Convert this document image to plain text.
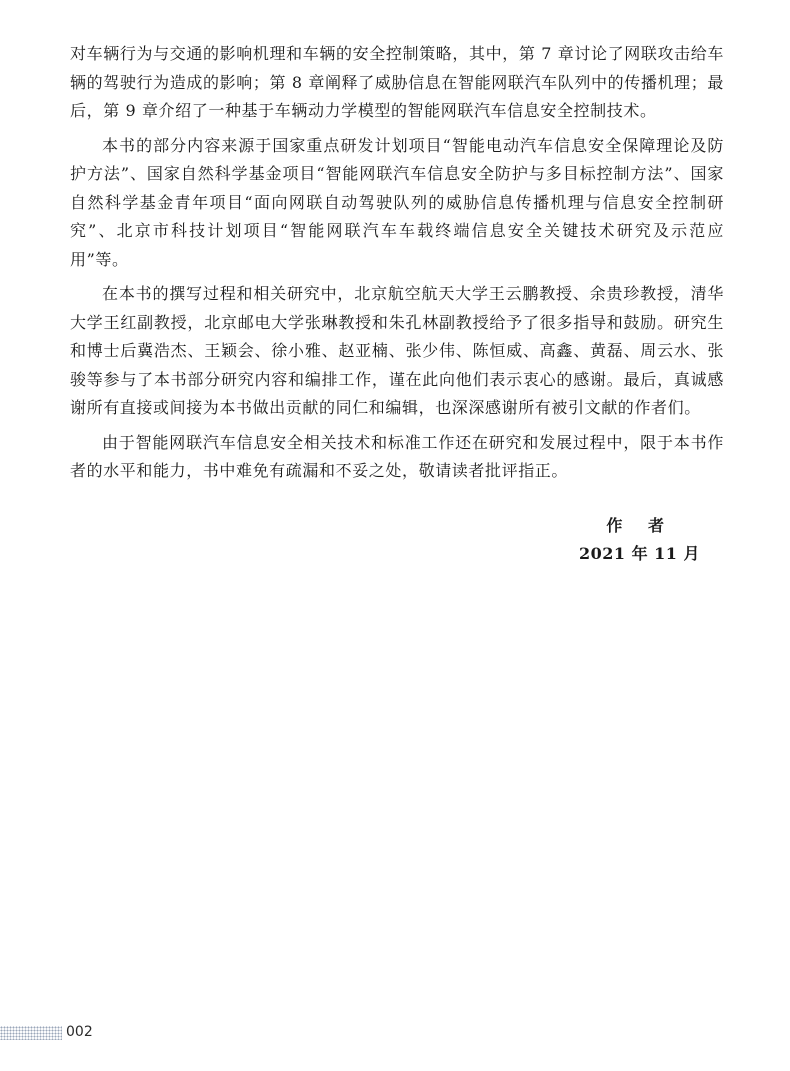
对车辆行为与交通的影响机理和车辆的安全控制策略，其中，第 7 章讨论了网联攻击给车辆的驾驶行为造成的影响；第 8 章阐释了威胁信息在智能网联汽车队列中的传播机理；最后，第 9 章介绍了一种基于车辆动力学模型的智能网联汽车信息安全控制技术。

本书的部分内容来源于国家重点研发计划项目“智能电动汽车信息安全保障理论及防护方法”、国家自然科学基金项目“智能网联汽车信息安全防护与多目标控制方法”、国家自然科学基金青年项目“面向网联自动驾驶队列的威胁信息传播机理与信息安全控制研究”、北京市科技计划项目“智能网联汽车车载终端信息安全关键技术研究及示范应用”等。

在本书的撰写过程和相关研究中，北京航空航天大学王云鹏教授、余贵珍教授，清华大学王红副教授，北京邮电大学张琳教授和朱孔林副教授给予了很多指导和鼓励。研究生和博士后冀浩杰、王颖会、徐小雅、赵亚楠、张少伟、陈恒威、高鑫、黄磊、周云水、张骏等参与了本书部分研究内容和编排工作，谨在此向他们表示衷心的感谢。最后，真诚感谢所有直接或间接为本书做出贡献的同仁和编辑，也深深感谢所有被引文献的作者们。

由于智能网联汽车信息安全相关技术和标准工作还在研究和发展过程中，限于本书作者的水平和能力，书中难免有疏漏和不妥之处，敬请读者批评指正。

作 者
2021 年 11 月
002
